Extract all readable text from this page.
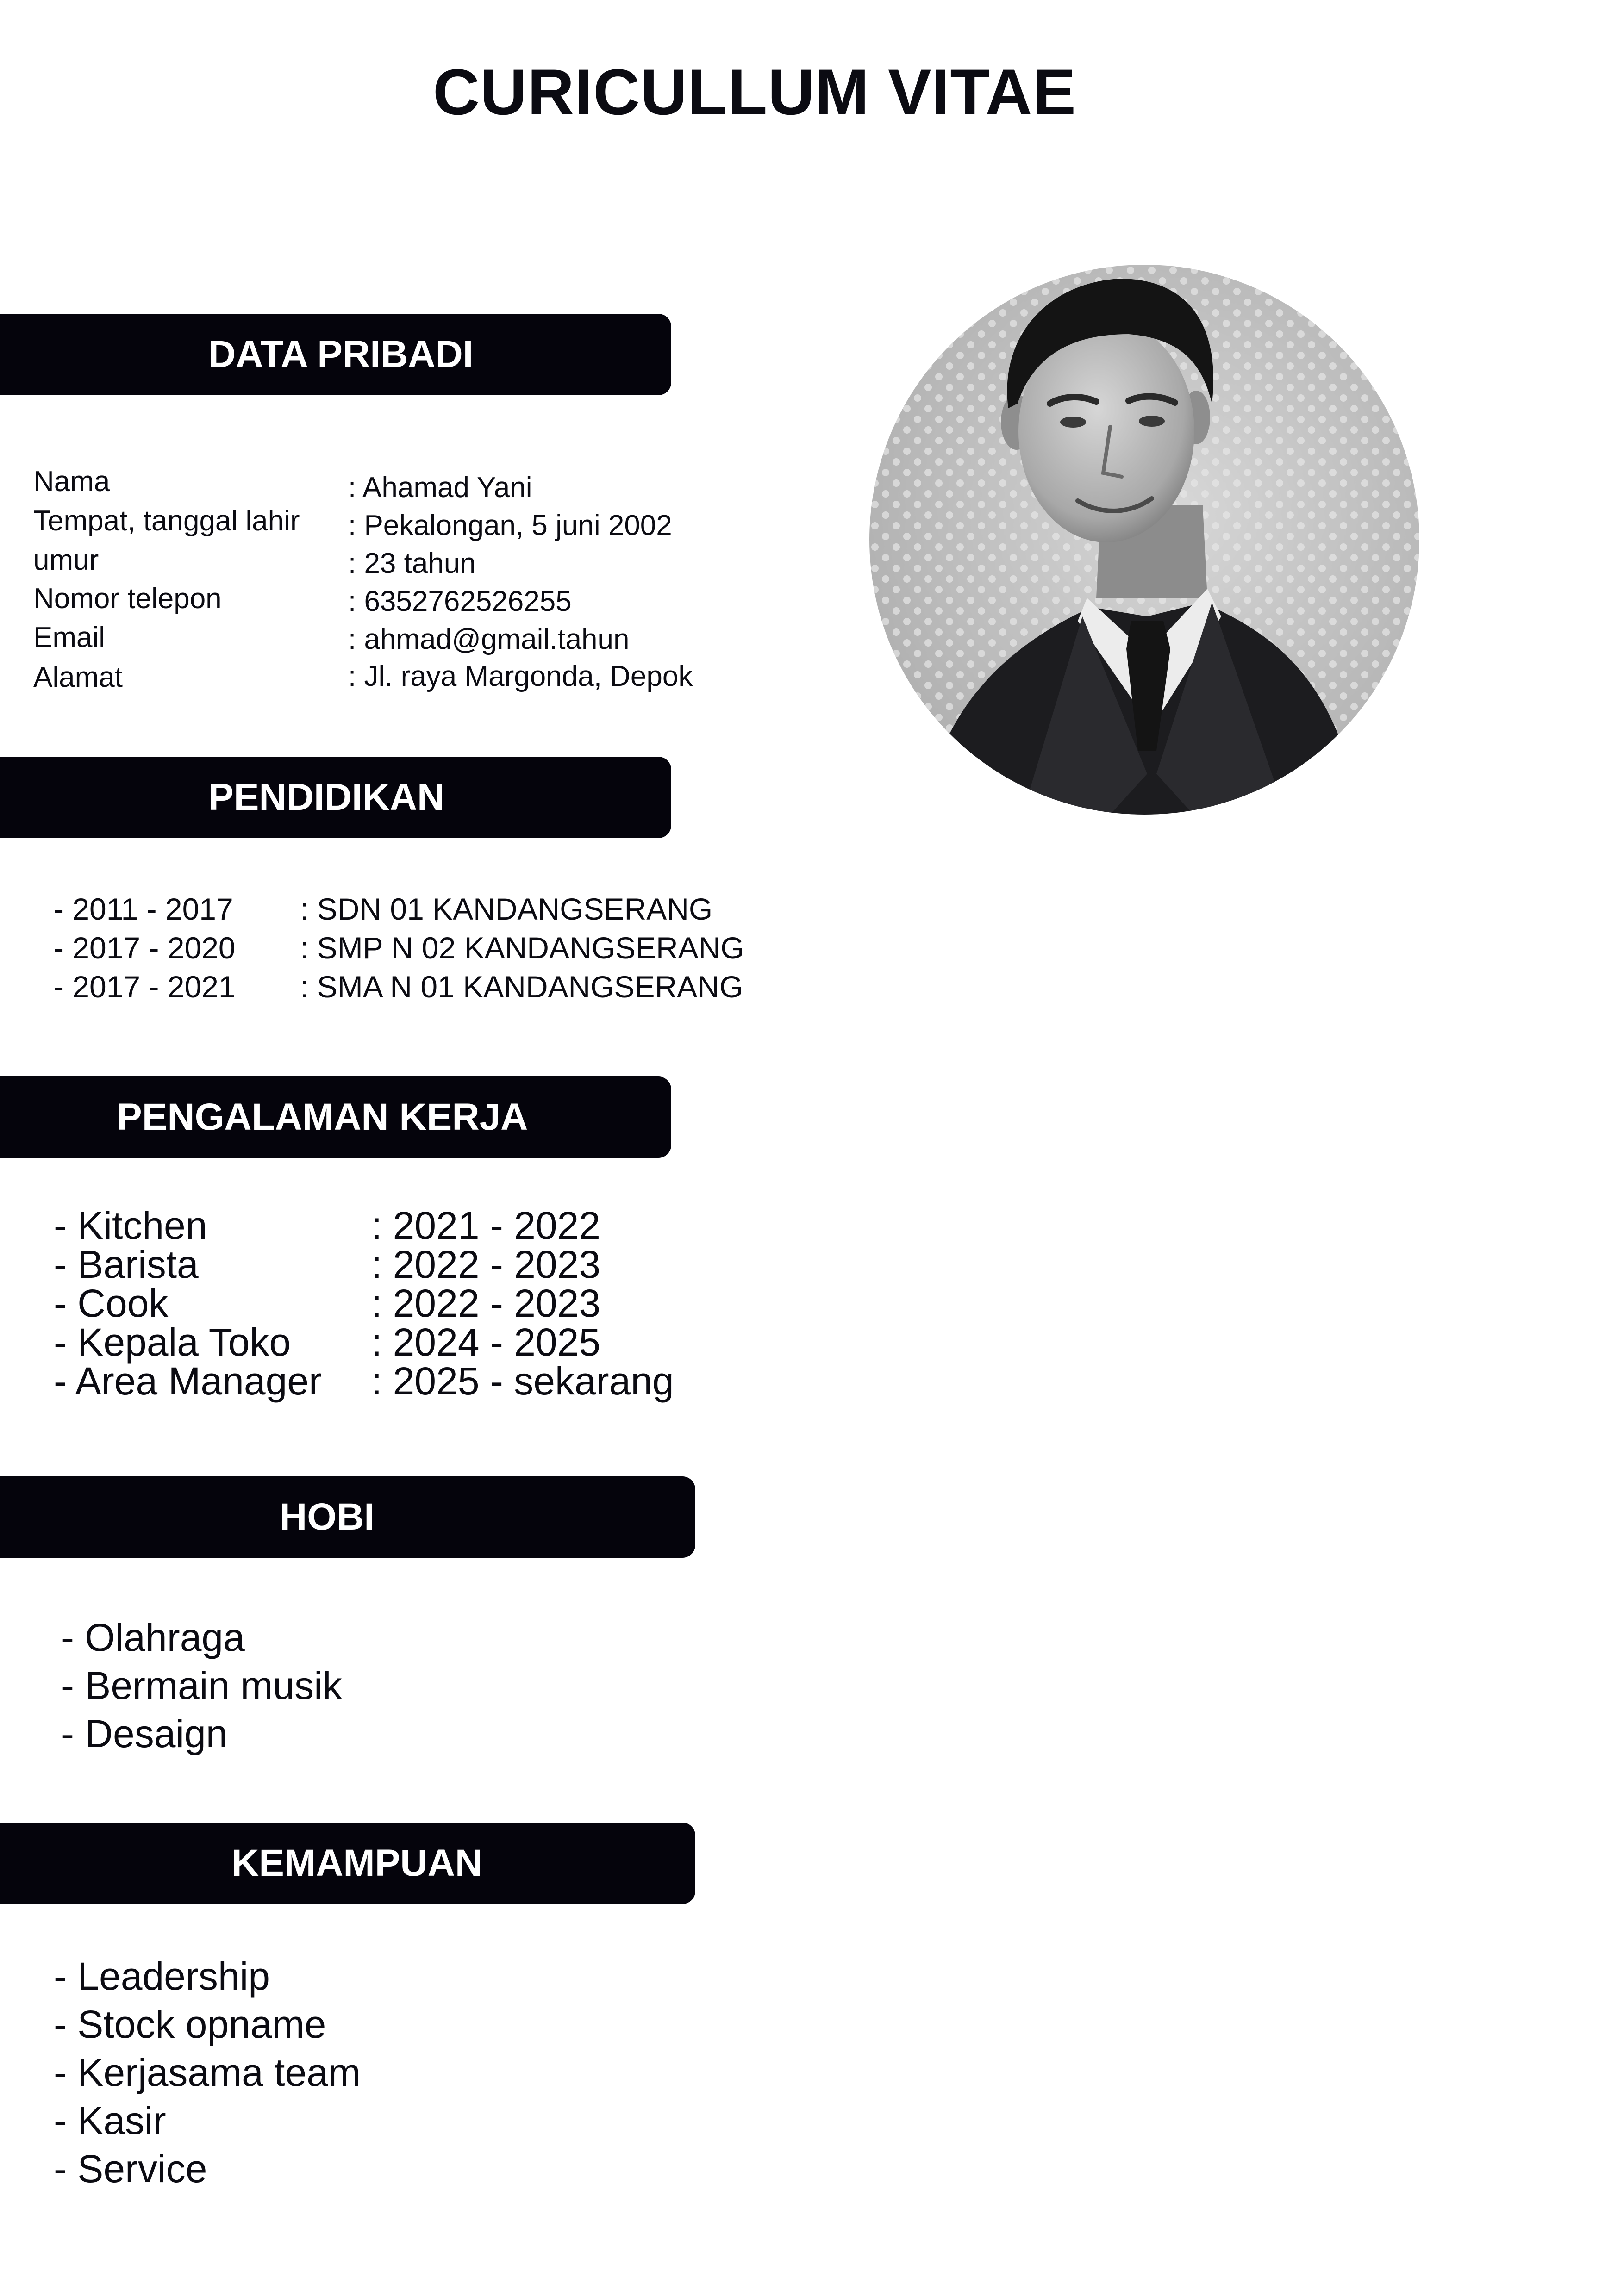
CURICULLUM VITAE
DATA PRIBADI
Nama	: Ahamad Yani
Tempat, tanggal lahir : Pekalongan, 5 juni 2002
umur	: 23 tahun
Nomor telepon	: 6352762526255
Email	: ahmad@gmail.tahun
Alamat	: Jl. raya Margonda, Depok
PENDIDIKAN
- 2011 - 2017 : SDN 01 KANDANGSERANG
- 2017 - 2020 : SMP N 02 KANDANGSERANG
- 2017 - 2021 : SMA N 01 KANDANGSERANG
PENGALAMAN KERJA
- Kitchen	: 2021 - 2022
- Barista	: 2022 - 2023
- Cook	: 2022 - 2023
- Kepala Toko : 2024 - 2025
- Area Manager : 2025 - sekarang
HOBI
- Olahraga
- Bermain musik
- Desaign
KEMAMPUAN
- Leadership
- Stock opname
- Kerjasama team
- Kasir
- Service
